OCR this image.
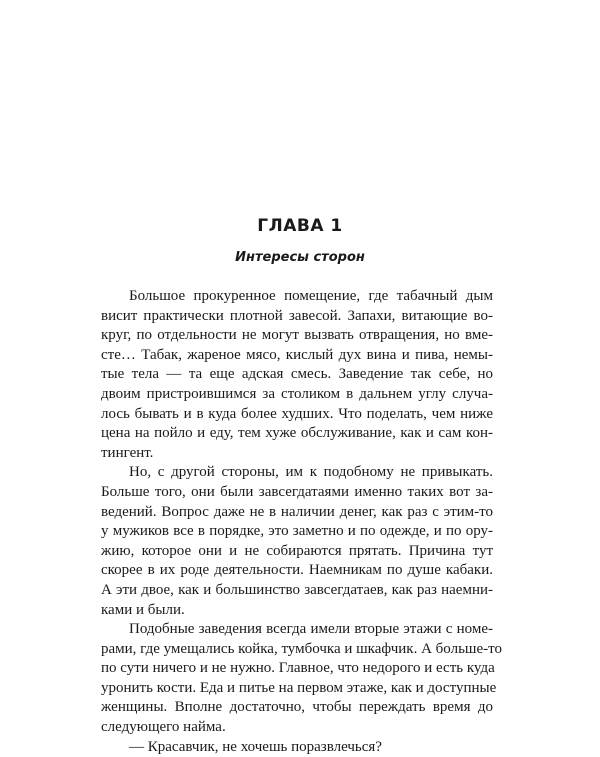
ГЛАВА 1
Интересы сторон
Большое прокуренное помещение, где табачный дым
висит практически плотной завесой. Запахи, витающие во-
круг, по отдельности не могут вызвать отвращения, но вме-
сте… Табак, жареное мясо, кислый дух вина и пива, немы-
тые тела — та еще адская смесь. Заведение так себе, но
двоим пристроившимся за столиком в дальнем углу случа-
лось бывать и в куда более худших. Что поделать, чем ниже
цена на пойло и еду, тем хуже обслуживание, как и сам кон-
тингент.
Но, с другой стороны, им к подобному не привыкать.
Больше того, они были завсегдатаями именно таких вот за-
ведений. Вопрос даже не в наличии денег, как раз с этим-то
у мужиков все в порядке, это заметно и по одежде, и по ору-
жию, которое они и не собираются прятать. Причина тут
скорее в их роде деятельности. Наемникам по душе кабаки.
А эти двое, как и большинство завсегдатаев, как раз наемни-
ками и были.
Подобные заведения всегда имели вторые этажи с номе-
рами, где умещались койка, тумбочка и шкафчик. А больше-то
по сути ничего и не нужно. Главное, что недорого и есть куда
уронить кости. Еда и питье на первом этаже, как и доступные
женщины. Вполне достаточно, чтобы переждать время до
следующего найма.
— Красавчик, не хочешь поразвлечься?
